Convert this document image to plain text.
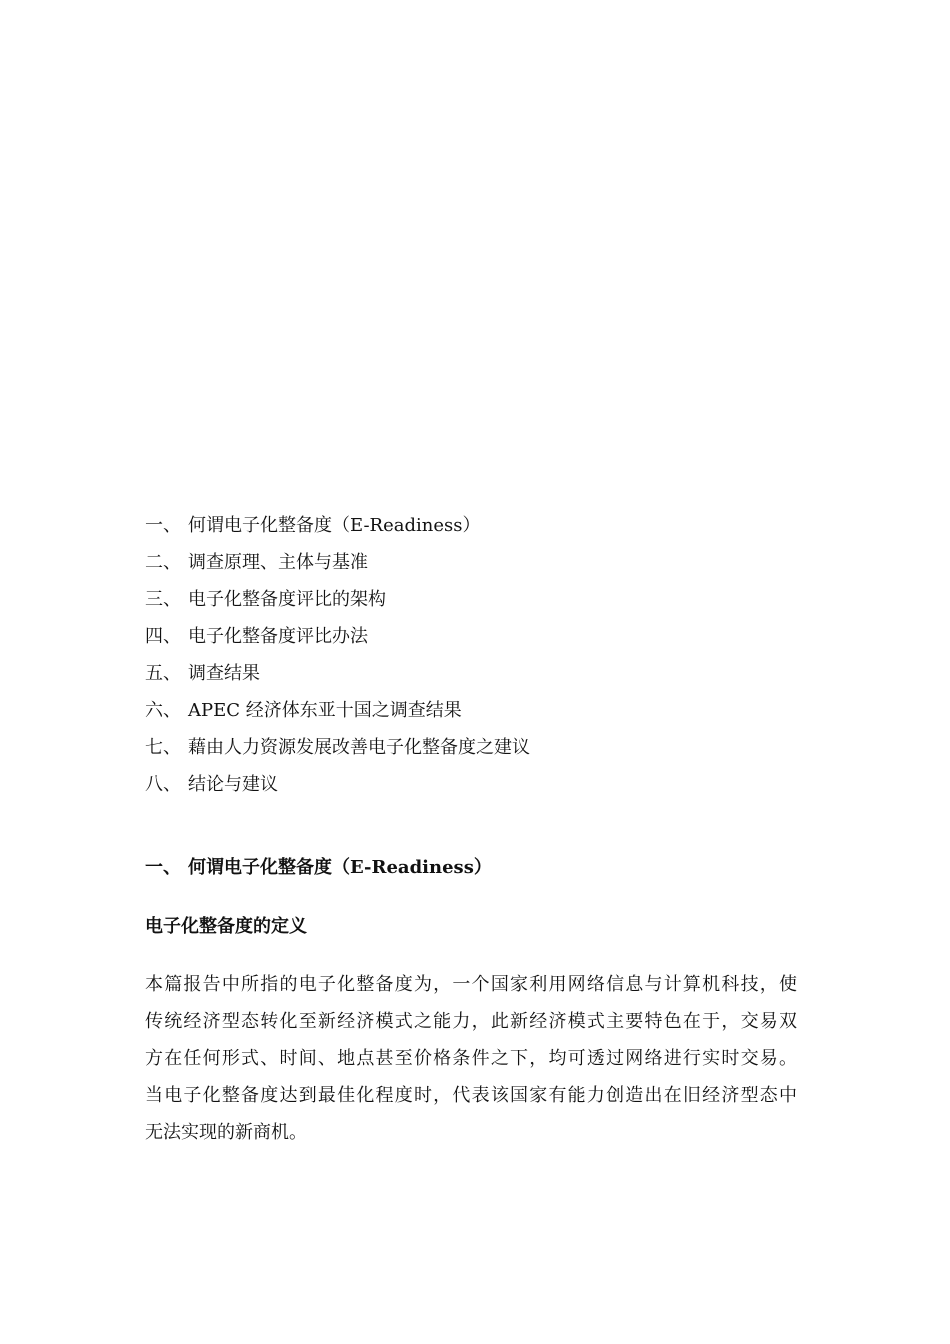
一、 何谓电子化整备度（E-Readiness）
二、 调查原理、主体与基准
三、 电子化整备度评比的架构
四、 电子化整备度评比办法
五、 调查结果
六、 APEC 经济体东亚十国之调查结果
七、 藉由人力资源发展改善电子化整备度之建议
八、 结论与建议
一、 何谓电子化整备度（E-Readiness）
电子化整备度的定义
本篇报告中所指的电子化整备度为，一个国家利用网络信息与计算机科技，使
传统经济型态转化至新经济模式之能力，此新经济模式主要特色在于，交易双
方在任何形式、时间、地点甚至价格条件之下，均可透过网络进行实时交易。
当电子化整备度达到最佳化程度时，代表该国家有能力创造出在旧经济型态中
无法实现的新商机。
